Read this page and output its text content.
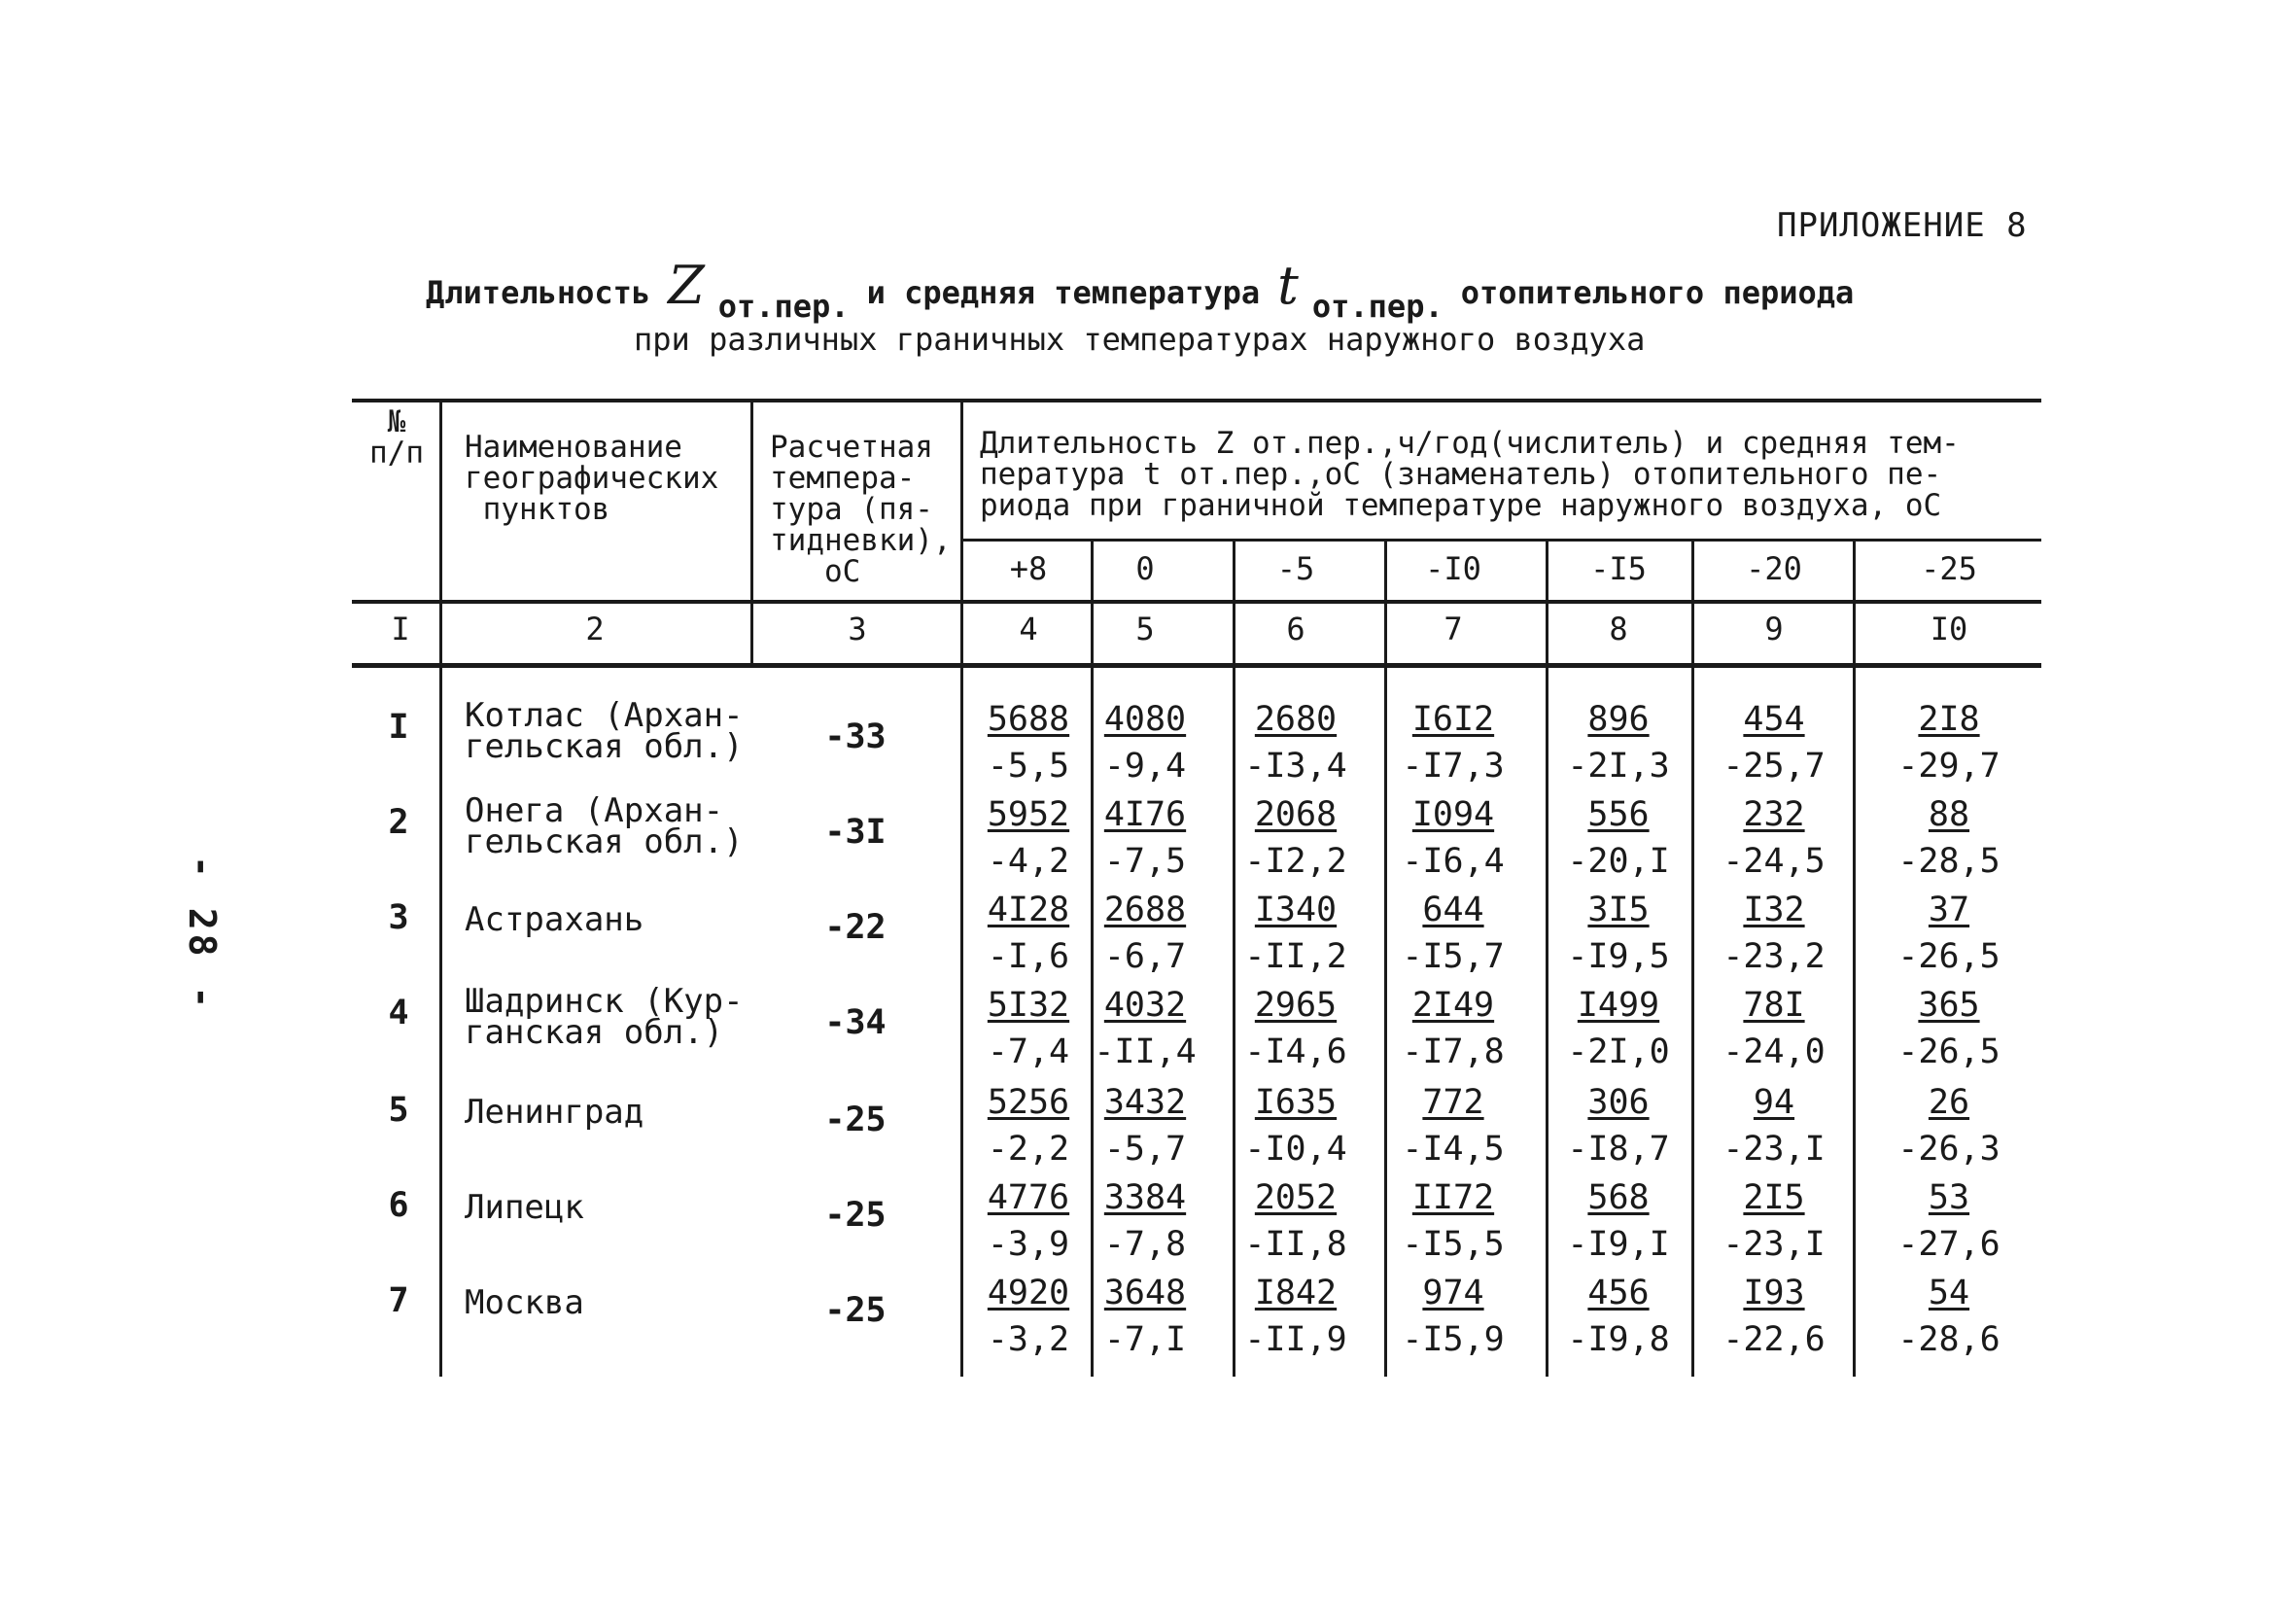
ПРИЛОЖЕНИЕ 8
- 28 -
Длительность Z от.пер. и средняя температура t от.пер. отопительного периода
при различных граничных температурах наружного воздуха
№
п/п Наименование
географических
пунктов
Расчетная
темпера-
тура (пя-
тидневки),
оС
Длительность Z от.пер.,ч/год(числитель) и средняя тем-
пература t от.пер.,оС (знаменатель) отопительного пе-
риода при граничной температуре наружного воздуха, оС
+8	0	-5	-I0	-I5	-20	-25
I	2	3	4	5	6	7	8	9	I0
I	Котлас (Архан-
гельская обл.)	-33	5688	4080	2680	I6I2	896	454	2I8
-5,5	-9,4	-I3,4	-I7,3	-2I,3	-25,7	-29,7
2	Онега (Архан-
гельская обл.)	-3I	5952	4I76	2068	I094	556	232	88
-4,2	-7,5	-I2,2	-I6,4	-20,I	-24,5	-28,5
3	Астрахань	-22	4I28	2688	I340	644	3I5	I32	37
-I,6	-6,7	-II,2	-I5,7	-I9,5	-23,2	-26,5
4	Шадринск (Кур-
ганская обл.)	-34	5I32	4032	2965	2I49	I499	78I	365
-7,4 -II,4	-I4,6	-I7,8	-2I,0	-24,0	-26,5
5	Ленинград	-25	5256	3432	I635	772	306	94	26
-2,2	-5,7	-I0,4	-I4,5	-I8,7	-23,I	-26,3
6	Липецк	-25	4776	3384	2052	II72	568	2I5	53
-3,9	-7,8	-II,8	-I5,5	-I9,I	-23,I	-27,6
7	Москва	-25	4920	3648	I842	974	456	I93	54
-3,2	-7,I	-II,9	-I5,9	-I9,8	-22,6	-28,6
